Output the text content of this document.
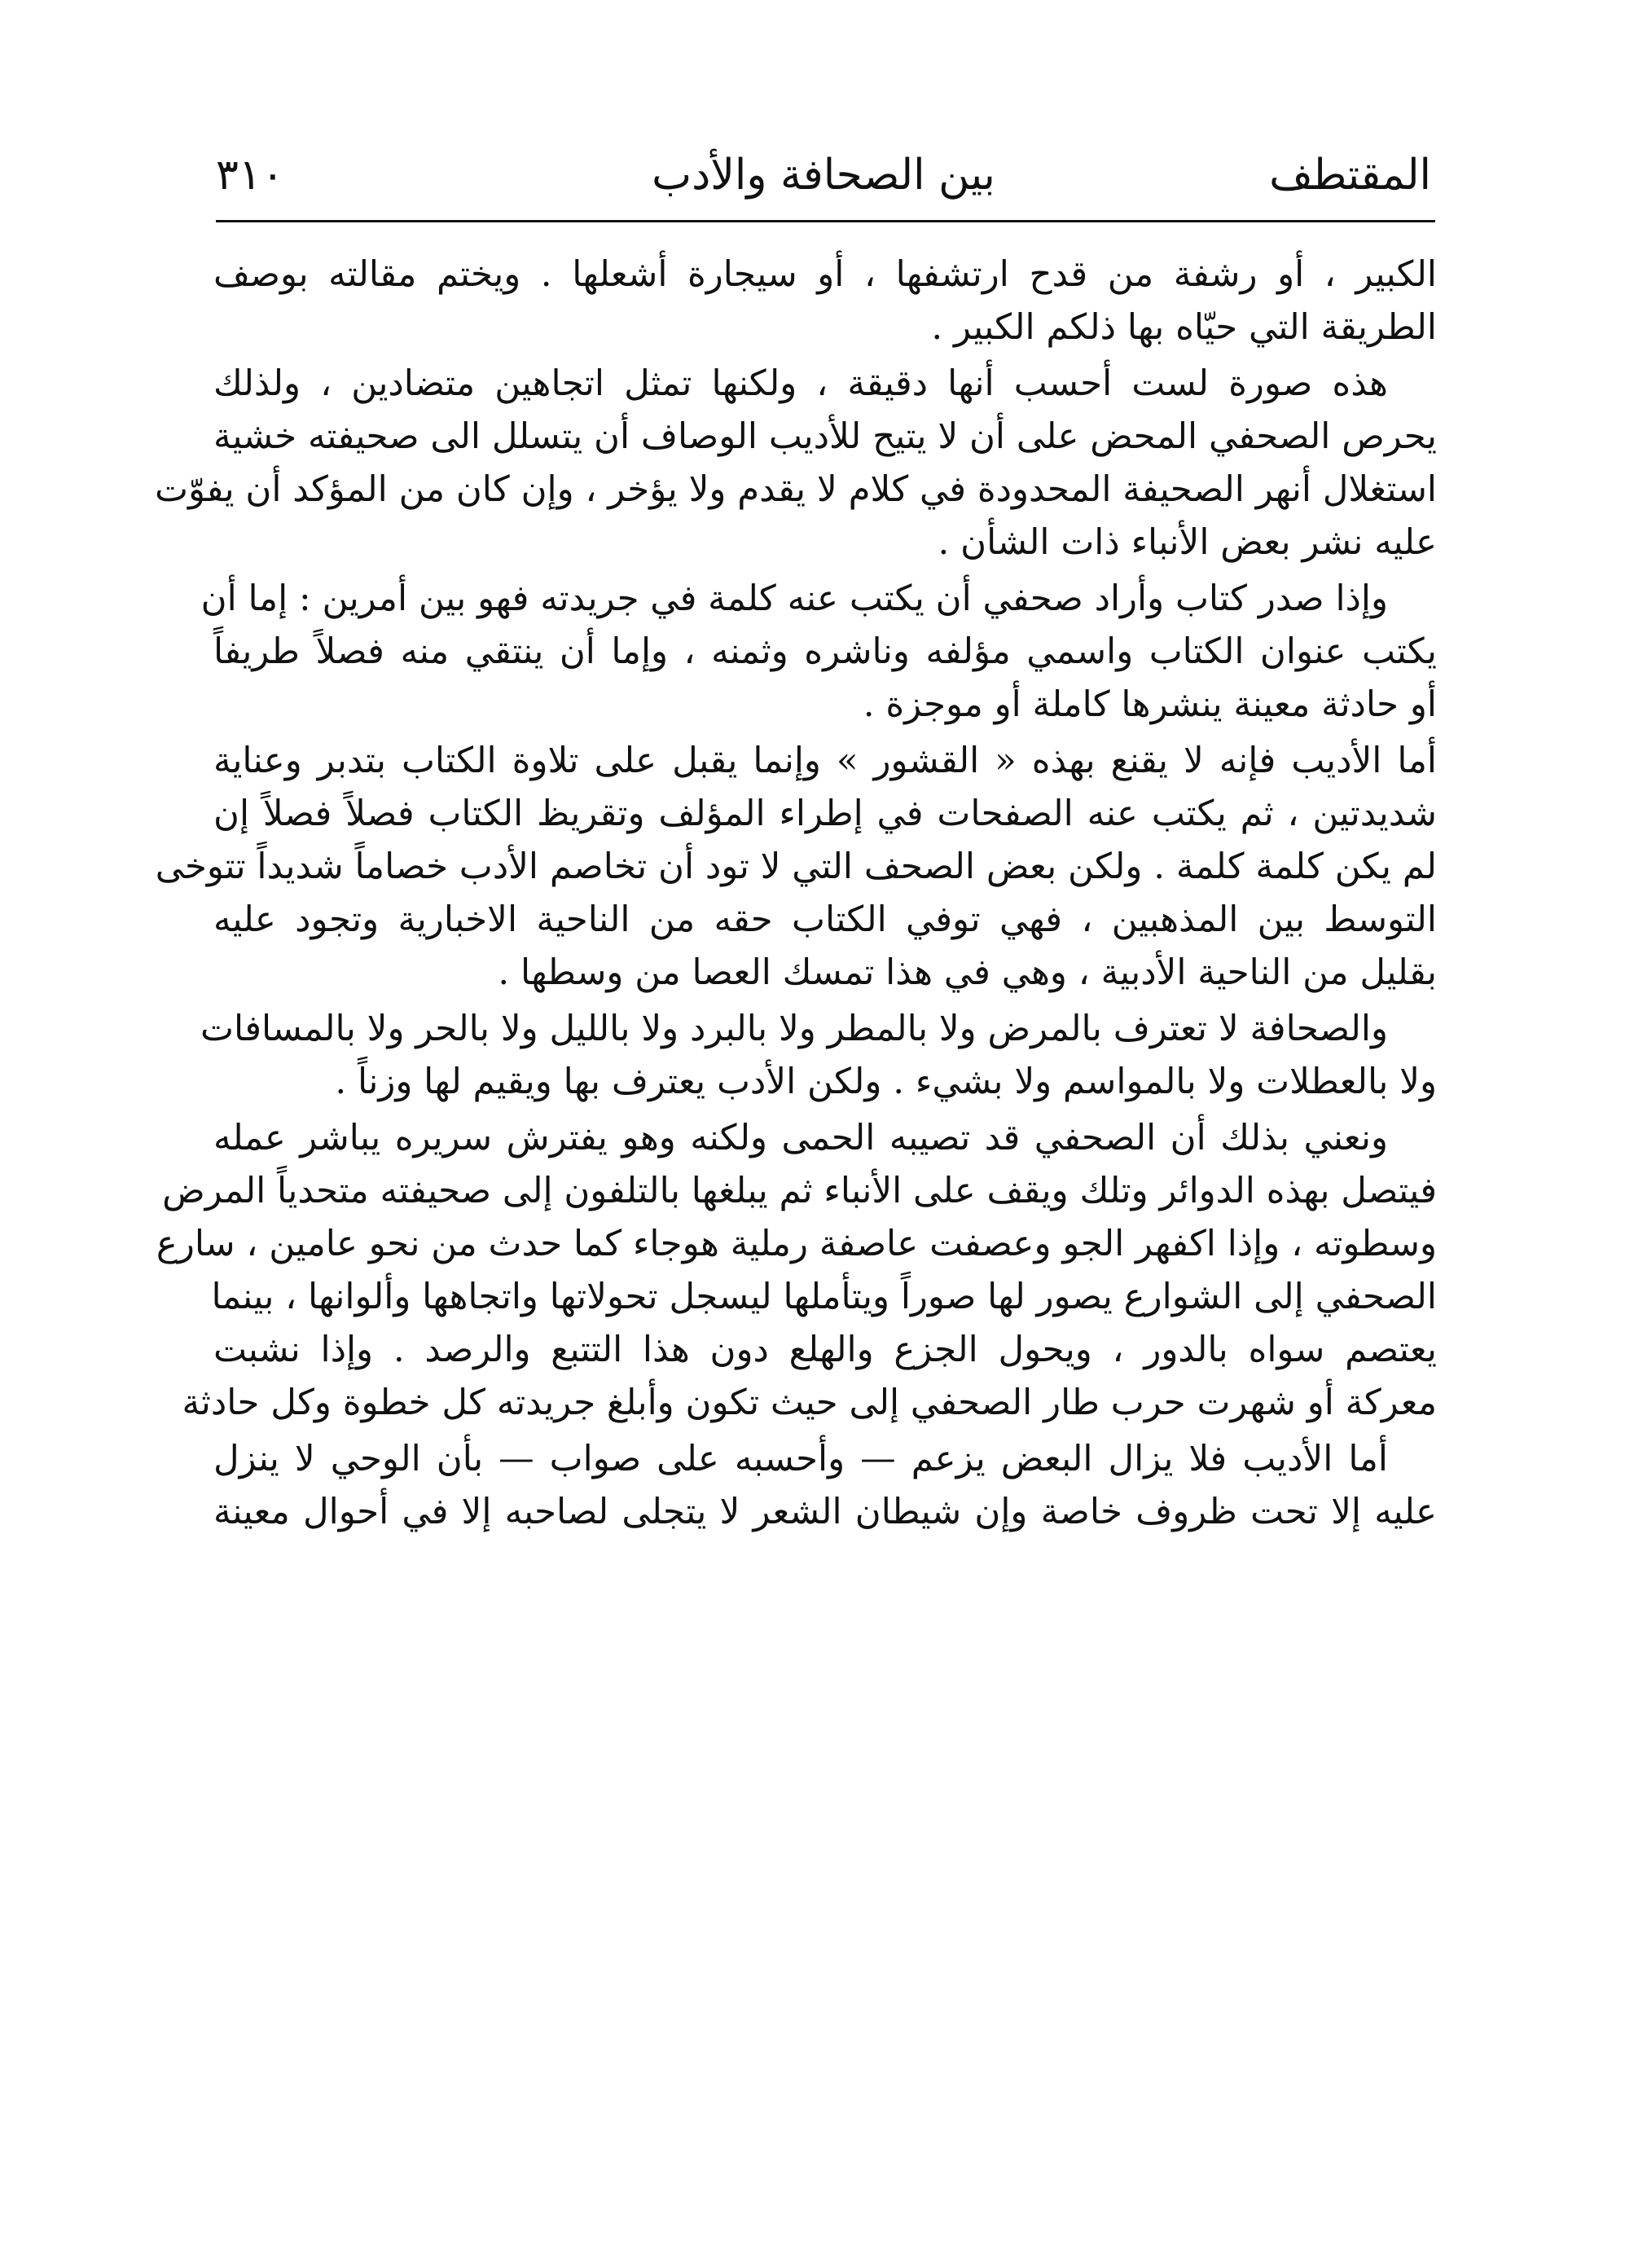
٣١٠	بين الصحافة والأدب	المقتطف
الكبير ، أو رشفة من قدح ارتشفها ، أو سيجارة أشعلها . ويختم مقالته بوصف
الطريقة التي حيّاه بها ذلكم الكبير .
هذه صورة لست أحسب أنها دقيقة ، ولكنها تمثل اتجاهين متضادين ، ولذلك
يحرص الصحفي المحض على أن لا يتيح للأديب الوصاف أن يتسلل الى صحيفته خشية
استغلال أنهر الصحيفة المحدودة في كلام لا يقدم ولا يؤخر ، وإن كان من المؤكد أن يفوّت
عليه نشر بعض الأنباء ذات الشأن .
وإذا صدر كتاب وأراد صحفي أن يكتب عنه كلمة في جريدته فهو بين أمرين : إما أن
يكتب عنوان الكتاب واسمي مؤلفه وناشره وثمنه ، وإما أن ينتقي منه فصلاً طريفاً
أو حادثة معينة ينشرها كاملة أو موجزة .
أما الأديب فإنه لا يقنع بهذه « القشور » وإنما يقبل على تلاوة الكتاب بتدبر وعناية
شديدتين ، ثم يكتب عنه الصفحات في إطراء المؤلف وتقريظ الكتاب فصلاً فصلاً إن
لم يكن كلمة كلمة . ولكن بعض الصحف التي لا تود أن تخاصم الأدب خصاماً شديداً تتوخى
التوسط بين المذهبين ، فهي توفي الكتاب حقه من الناحية الاخبارية وتجود عليه
بقليل من الناحية الأدبية ، وهي في هذا تمسك العصا من وسطها .
والصحافة لا تعترف بالمرض ولا بالمطر ولا بالبرد ولا بالليل ولا بالحر ولا بالمسافات
ولا بالعطلات ولا بالمواسم ولا بشيء . ولكن الأدب يعترف بها ويقيم لها وزناً .
ونعني بذلك أن الصحفي قد تصيبه الحمى ولكنه وهو يفترش سريره يباشر عمله
فيتصل بهذه الدوائر وتلك ويقف على الأنباء ثم يبلغها بالتلفون إلى صحيفته متحدياً المرض
وسطوته ، وإذا اكفهر الجو وعصفت عاصفة رملية هوجاء كما حدث من نحو عامين ، سارع
الصحفي إلى الشوارع يصور لها صوراً ويتأملها ليسجل تحولاتها واتجاهها وألوانها ، بينما
يعتصم سواه بالدور ، ويحول الجزع والهلع دون هذا التتبع والرصد . وإذا نشبت
معركة أو شهرت حرب طار الصحفي إلى حيث تكون وأبلغ جريدته كل خطوة وكل حادثة
أما الأديب فلا يزال البعض يزعم — وأحسبه على صواب — بأن الوحي لا ينزل
عليه إلا تحت ظروف خاصة وإن شيطان الشعر لا يتجلى لصاحبه إلا في أحوال معينة
